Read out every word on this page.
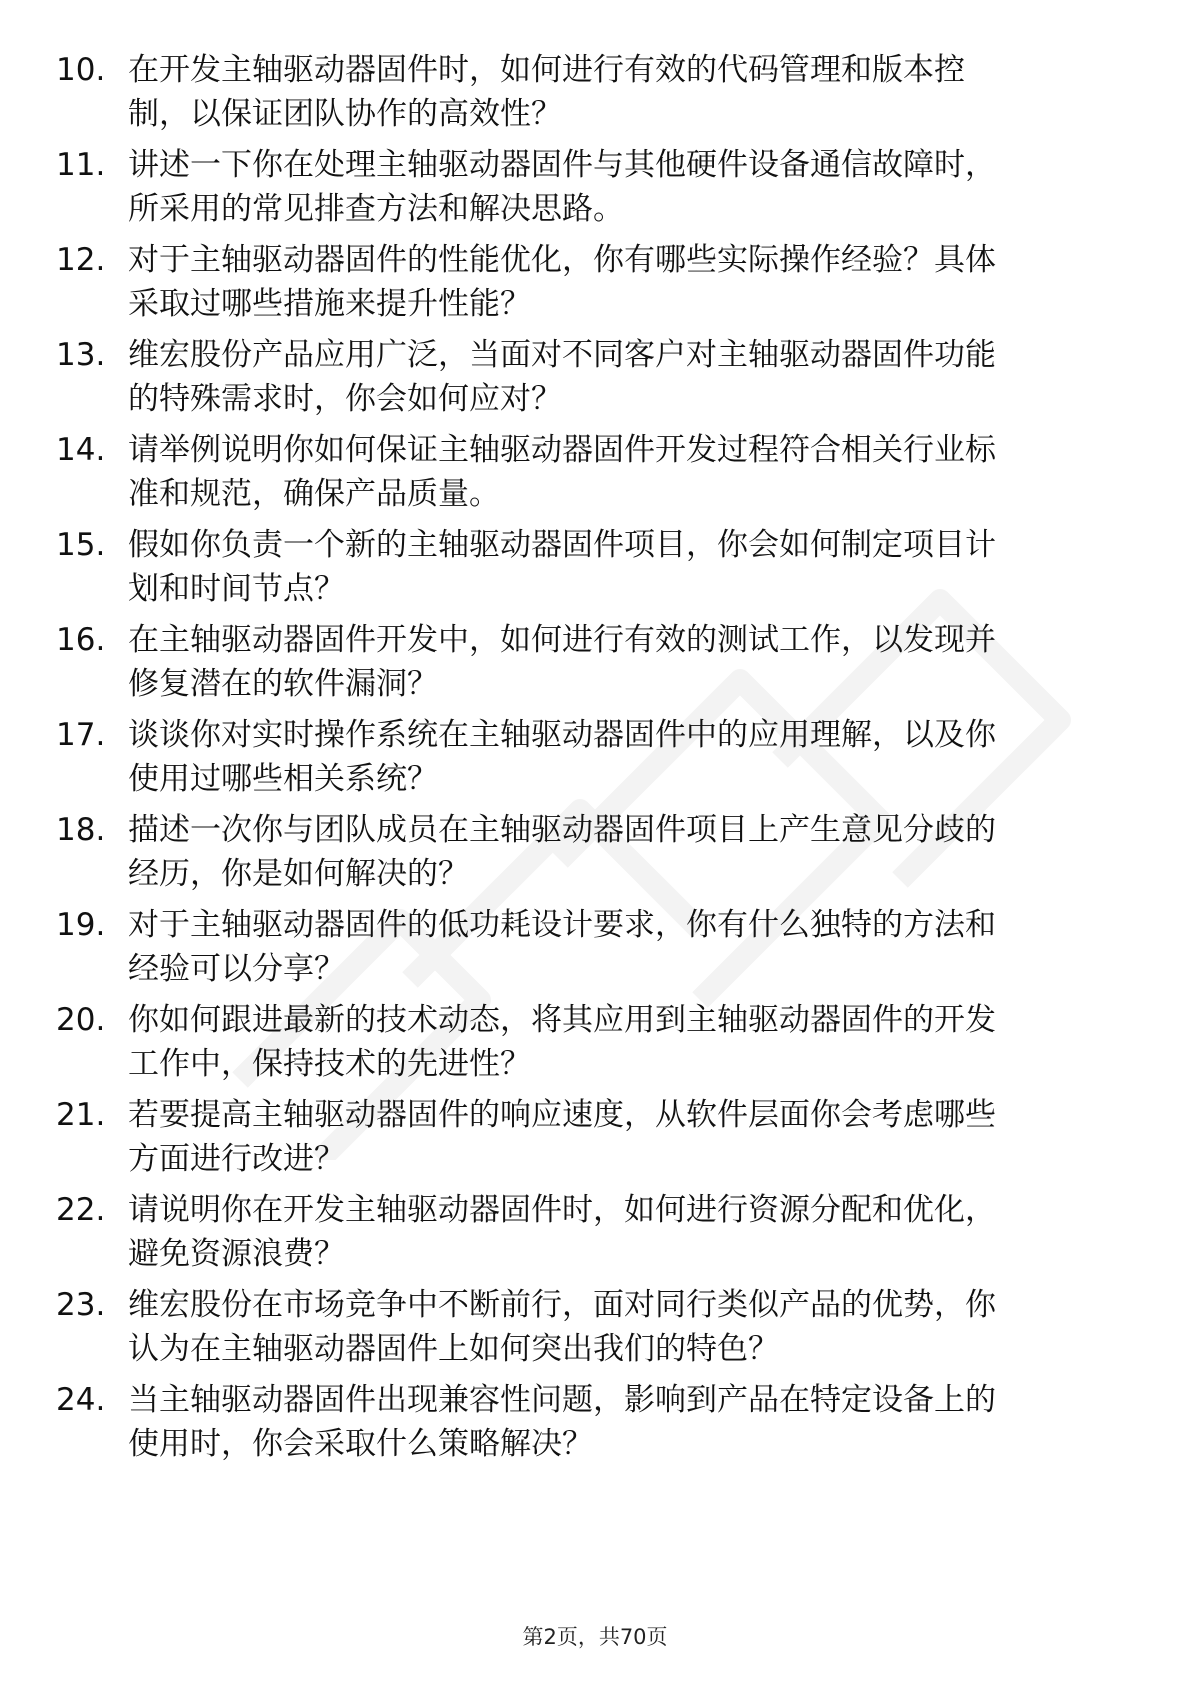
10. 在开发主轴驱动器固件时，如何进行有效的代码管理和版本控
制，以保证团队协作的高效性？
11. 讲述一下你在处理主轴驱动器固件与其他硬件设备通信故障时，
所采用的常见排查方法和解决思路。
12. 对于主轴驱动器固件的性能优化，你有哪些实际操作经验？具体
采取过哪些措施来提升性能？
13. 维宏股份产品应用广泛，当面对不同客户对主轴驱动器固件功能
的特殊需求时，你会如何应对？
14. 请举例说明你如何保证主轴驱动器固件开发过程符合相关行业标
准和规范，确保产品质量。
15. 假如你负责一个新的主轴驱动器固件项目，你会如何制定项目计
划和时间节点？
16. 在主轴驱动器固件开发中，如何进行有效的测试工作，以发现并
修复潜在的软件漏洞？
17. 谈谈你对实时操作系统在主轴驱动器固件中的应用理解，以及你
使用过哪些相关系统？
18. 描述一次你与团队成员在主轴驱动器固件项目上产生意见分歧的
经历，你是如何解决的？
19. 对于主轴驱动器固件的低功耗设计要求，你有什么独特的方法和
经验可以分享？
20. 你如何跟进最新的技术动态，将其应用到主轴驱动器固件的开发
工作中，保持技术的先进性？
21. 若要提高主轴驱动器固件的响应速度，从软件层面你会考虑哪些
方面进行改进？
22. 请说明你在开发主轴驱动器固件时，如何进行资源分配和优化，
避免资源浪费？
23. 维宏股份在市场竞争中不断前行，面对同行类似产品的优势，你
认为在主轴驱动器固件上如何突出我们的特色？
24. 当主轴驱动器固件出现兼容性问题，影响到产品在特定设备上的
使用时，你会采取什么策略解决？
第2页，共70页
